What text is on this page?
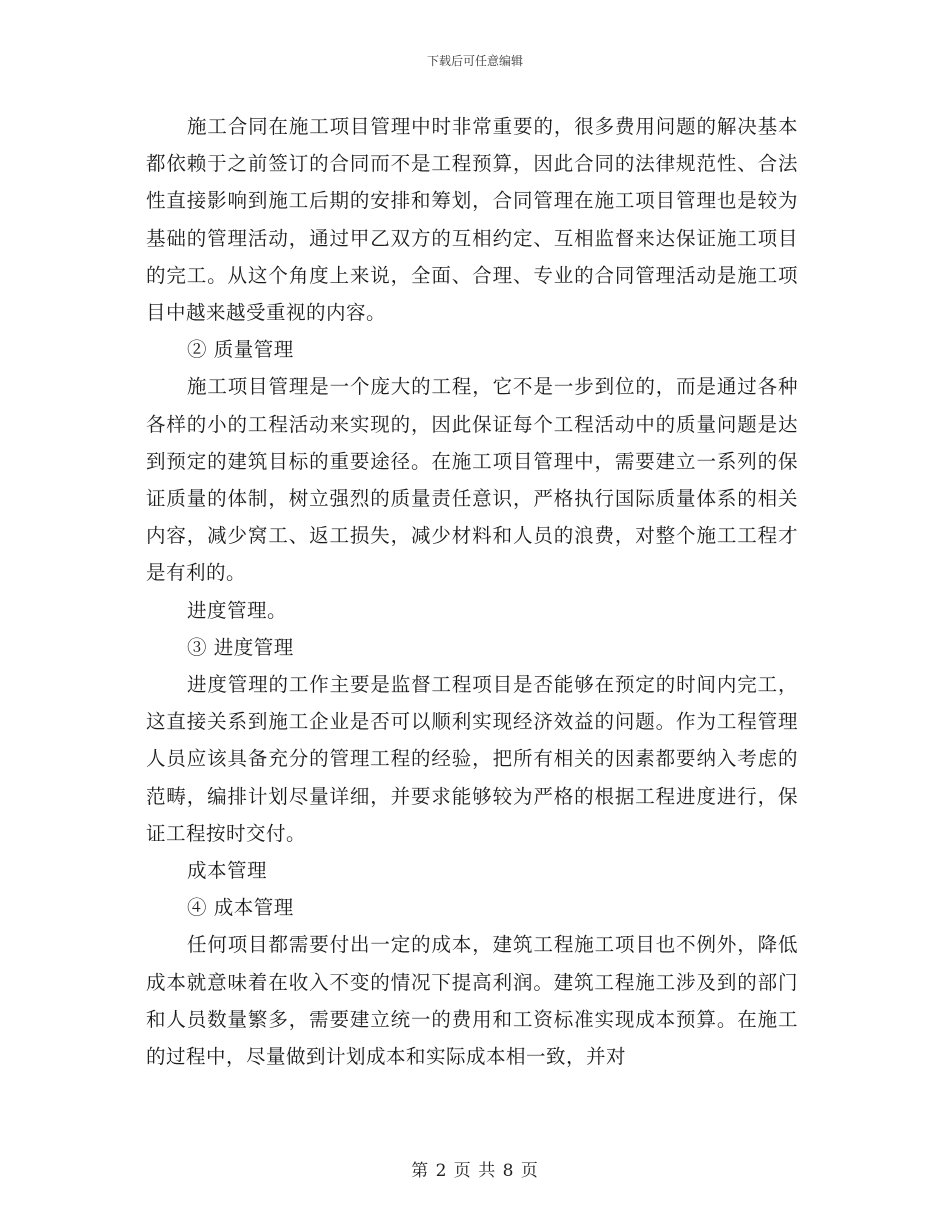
下载后可任意编辑

施工合同在施工项目管理中时非常重要的，很多费用问题的解决基本都依赖于之前签订的合同而不是工程预算，因此合同的法律规范性、合法性直接影响到施工后期的安排和筹划，合同管理在施工项目管理也是较为基础的管理活动，通过甲乙双方的互相约定、互相监督来达保证施工项目的完工。从这个角度上来说，全面、合理、专业的合同管理活动是施工项目中越来越受重视的内容。

② 质量管理

施工项目管理是一个庞大的工程，它不是一步到位的，而是通过各种各样的小的工程活动来实现的，因此保证每个工程活动中的质量问题是达到预定的建筑目标的重要途径。在施工项目管理中，需要建立一系列的保证质量的体制，树立强烈的质量责任意识，严格执行国际质量体系的相关内容，减少窝工、返工损失，减少材料和人员的浪费，对整个施工工程才是有利的。

进度管理。

③ 进度管理

进度管理的工作主要是监督工程项目是否能够在预定的时间内完工，这直接关系到施工企业是否可以顺利实现经济效益的问题。作为工程管理人员应该具备充分的管理工程的经验，把所有相关的因素都要纳入考虑的范畴，编排计划尽量详细，并要求能够较为严格的根据工程进度进行，保证工程按时交付。

成本管理

④ 成本管理

任何项目都需要付出一定的成本，建筑工程施工项目也不例外，降低成本就意味着在收入不变的情况下提高利润。建筑工程施工涉及到的部门和人员数量繁多，需要建立统一的费用和工资标准实现成本预算。在施工的过程中，尽量做到计划成本和实际成本相一致，并对

第 2 页 共 8 页
